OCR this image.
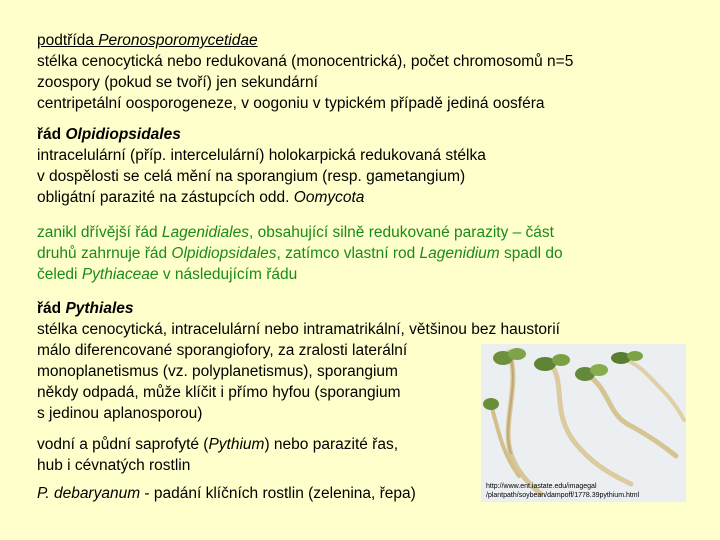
podtřída Peronosporomycetidae
stélka cenocytická nebo redukovaná (monocentrická), počet chromosomů n=5
zoospory (pokud se tvoří) jen sekundární
centripetální oosporogeneze, v oogoniu v typickém případě jediná oosféra
řád Olpidiopsidales
intracelulární (příp. intercelulární) holokarpická redukovaná stélka
v dospělosti se celá mění na sporangium (resp. gametangium)
obligátní parazité na zástupcích odd. Oomycota
zanikl dřívější řád Lagenidiales, obsahující silně redukované parazity – část
druhů zahrnuje řád Olpidiopsidales, zatímco vlastní rod Lagenidium spadl do
čeledi Pythiaceae v následujícím řádu
řád Pythiales
stélka cenocytická, intracelulární nebo intramatrikální, většinou bez haustorií
málo diferencované sporangiofory, za zralosti laterální
monoplanetismus (vz. polyplanetismus), sporangium
někdy odpadá, může klíčit i přímo hyfou (sporangium
s jedinou aplanosporou)
vodní a půdní saprofyté (Pythium) nebo parazité řas,
hub i cévnatých rostlin
P. debaryanum - padání klíčních rostlin (zelenina, řepa)	http://www.ent.iastate.edu/imagegal
/plantpath/soybean/dampoff/1778.39pythium.html
